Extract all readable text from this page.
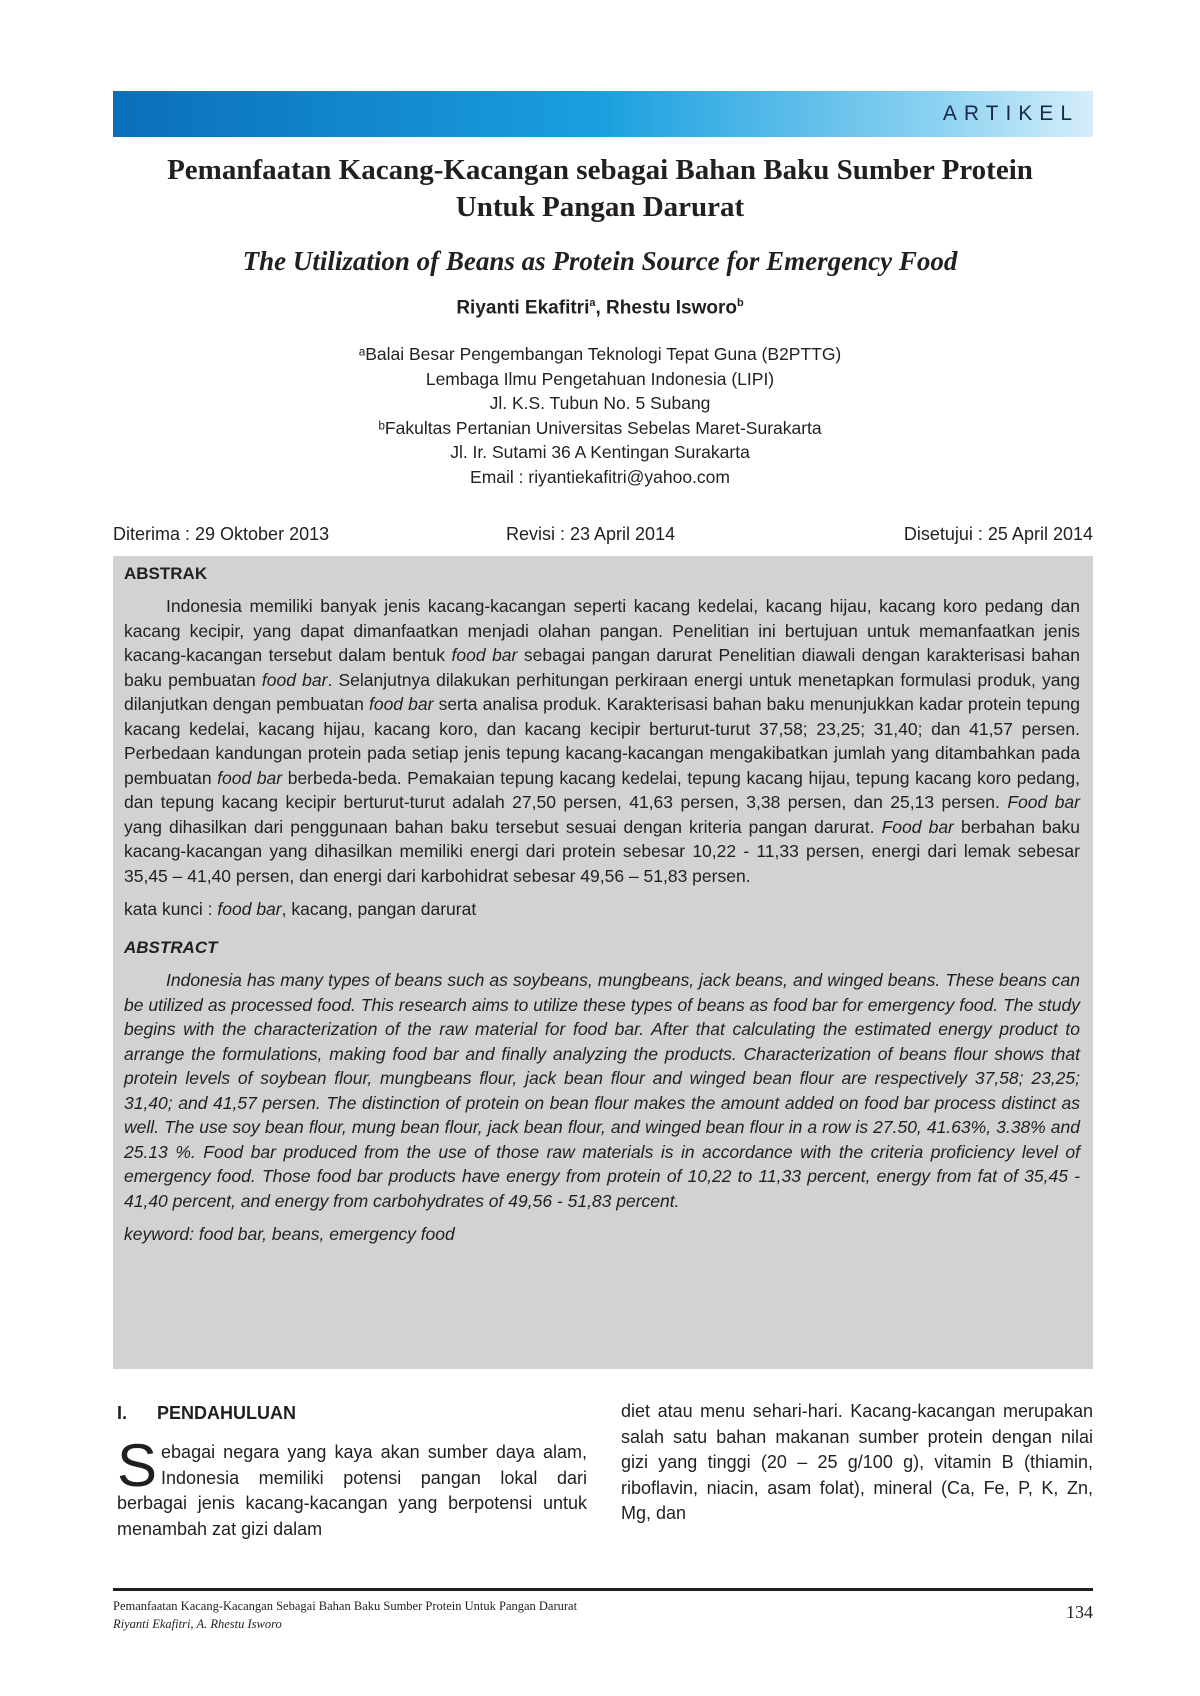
ARTIKEL
Pemanfaatan Kacang-Kacangan sebagai Bahan Baku Sumber Protein
Untuk Pangan Darurat
The Utilization of Beans as Protein Source for Emergency Food
Riyanti Ekafitri$^a$, Rhestu Isworo$^b$
ᵃBalai Besar Pengembangan Teknologi Tepat Guna (B2PTTG)
Lembaga Ilmu Pengetahuan Indonesia (LIPI)
Jl. K.S. Tubun No. 5 Subang
ᵇFakultas Pertanian Universitas Sebelas Maret-Surakarta
Jl. Ir. Sutami 36 A Kentingan Surakarta
Email : riyantiekafitri@yahoo.com
Diterima : 29 Oktober 2013	Revisi : 23 April 2014	Disetujui : 25 April 2014

ABSTRAK

Indonesia memiliki banyak jenis kacang-kacangan seperti kacang kedelai, kacang hijau, kacang koro pedang dan kacang kecipir, yang dapat dimanfaatkan menjadi olahan pangan. Penelitian ini bertujuan untuk memanfaatkan jenis kacang-kacangan tersebut dalam bentuk food bar sebagai pangan darurat Penelitian diawali dengan karakterisasi bahan baku pembuatan food bar. Selanjutnya dilakukan perhitungan perkiraan energi untuk menetapkan formulasi produk, yang dilanjutkan dengan pembuatan food bar serta analisa produk. Karakterisasi bahan baku menunjukkan kadar protein tepung kacang kedelai, kacang hijau, kacang koro, dan kacang kecipir berturut-turut 37,58; 23,25; 31,40; dan 41,57 persen. Perbedaan kandungan protein pada setiap jenis tepung kacang-kacangan mengakibatkan jumlah yang ditambahkan pada pembuatan food bar berbeda-beda. Pemakaian tepung kacang kedelai, tepung kacang hijau, tepung kacang koro pedang, dan tepung kacang kecipir berturut-turut adalah 27,50 persen, 41,63 persen, 3,38 persen, dan 25,13 persen. Food bar yang dihasilkan dari penggunaan bahan baku tersebut sesuai dengan kriteria pangan darurat. Food bar berbahan baku kacang-kacangan yang dihasilkan memiliki energi dari protein sebesar 10,22 - 11,33 persen, energi dari lemak sebesar 35,45 – 41,40 persen, dan energi dari karbohidrat sebesar 49,56 – 51,83 persen.

kata kunci : food bar, kacang, pangan darurat

ABSTRACT

Indonesia has many types of beans such as soybeans, mungbeans, jack beans, and winged beans. These beans can be utilized as processed food. This research aims to utilize these types of beans as food bar for emergency food. The study begins with the characterization of the raw material for food bar. After that calculating the estimated energy product to arrange the formulations, making food bar and finally analyzing the products. Characterization of beans flour shows that protein levels of soybean flour, mungbeans flour, jack bean flour and winged bean flour are respectively 37,58; 23,25; 31,40; and 41,57 persen. The distinction of protein on bean flour makes the amount added on food bar process distinct as well. The use soy bean flour, mung bean flour, jack bean flour, and winged bean flour in a row is 27.50, 41.63%, 3.38% and 25.13 %. Food bar produced from the use of those raw materials is in accordance with the criteria proficiency level of emergency food. Those food bar products have energy from protein of 10,22 to 11,33 percent, energy from fat of 35,45 - 41,40 percent, and energy from carbohydrates of 49,56 - 51,83 percent.

keyword: food bar, beans, emergency food

I. PENDAHULUAN
Sebagai negara yang kaya akan sumber daya alam, Indonesia memiliki potensi pangan lokal dari berbagai jenis kacang-kacangan yang berpotensi untuk menambah zat gizi dalam
diet atau menu sehari-hari. Kacang-kacangan merupakan salah satu bahan makanan sumber protein dengan nilai gizi yang tinggi (20 – 25 g/100 g), vitamin B (thiamin, riboflavin, niacin, asam folat), mineral (Ca, Fe, P, K, Zn, Mg, dan
Pemanfaatan Kacang-Kacangan Sebagai Bahan Baku Sumber Protein Untuk Pangan Darurat
Riyanti Ekafitri, A. Rhestu Isworo
134
